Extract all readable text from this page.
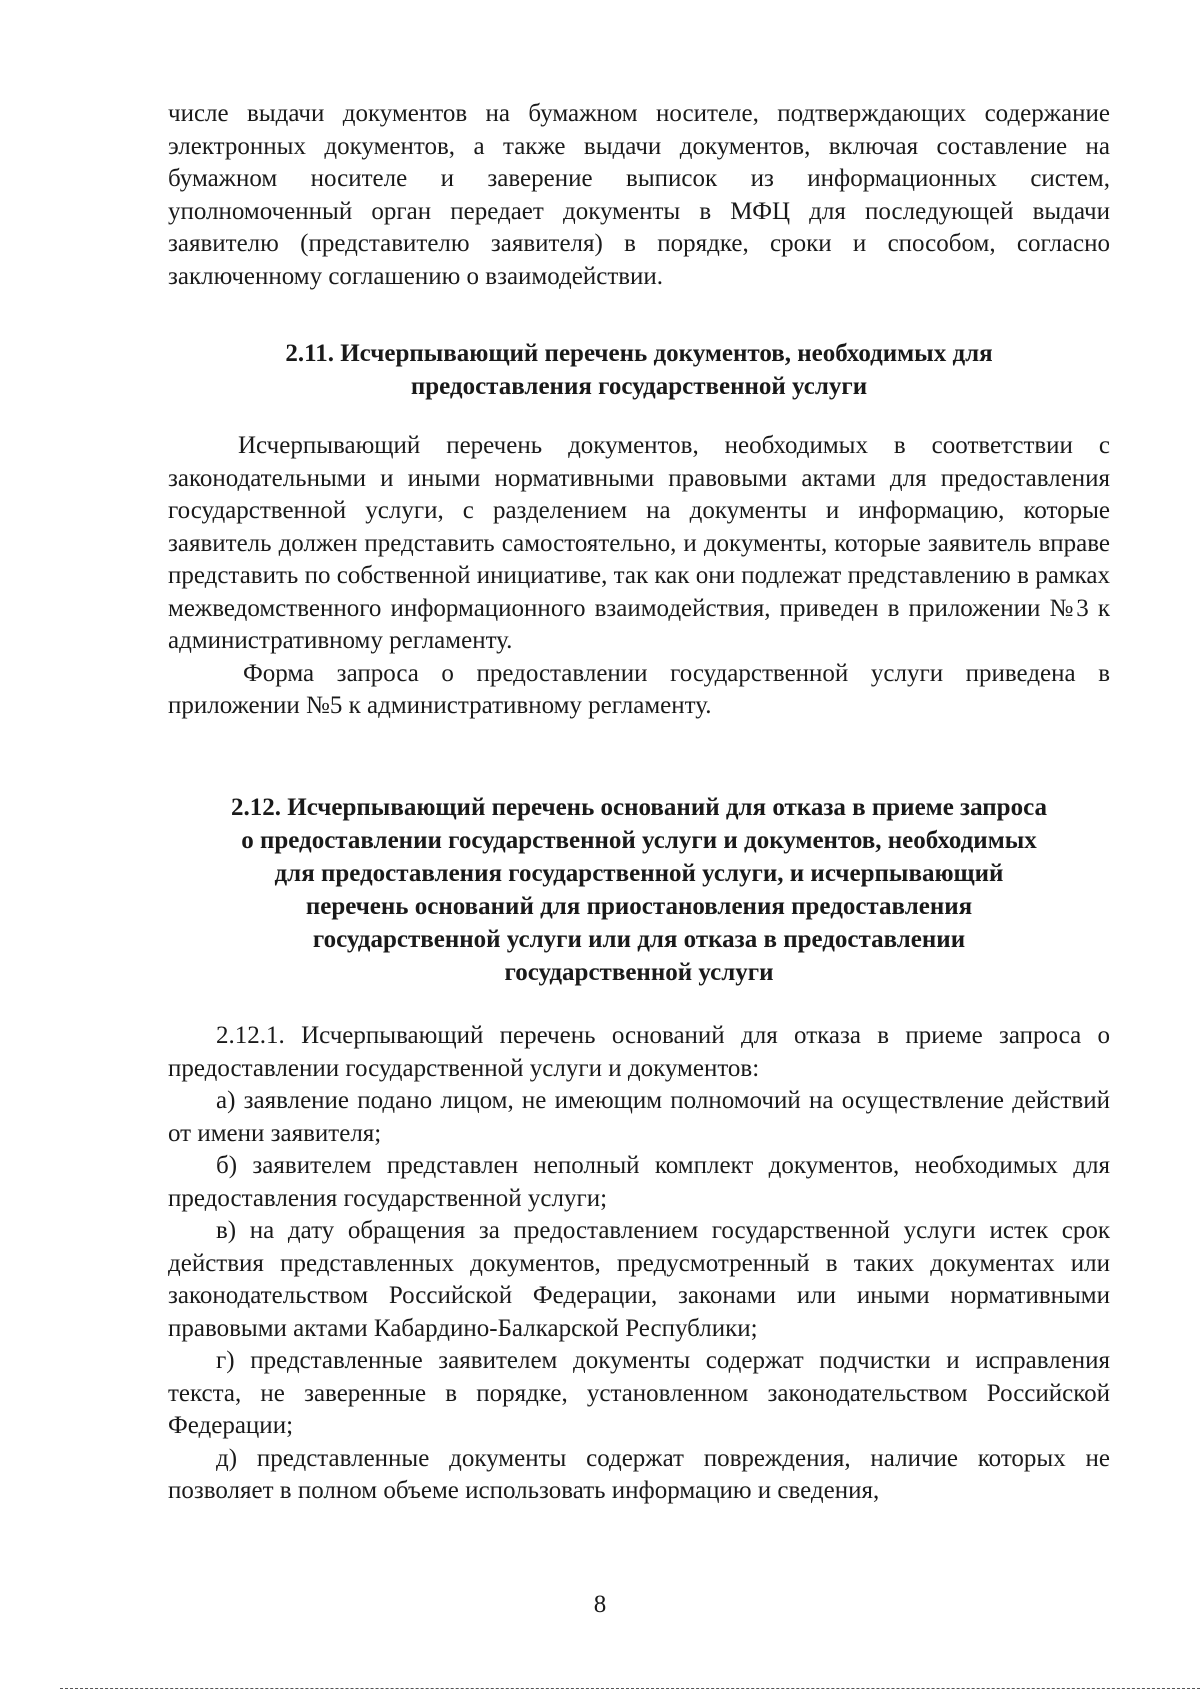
числе выдачи документов на бумажном носителе, подтверждающих содержание электронных документов, а также выдачи документов, включая составление на бумажном носителе и заверение выписок из информационных систем, уполномоченный орган передает документы в МФЦ для последующей выдачи заявителю (представителю заявителя) в порядке, сроки и способом, согласно заключенному соглашению о взаимодействии.

2.11. Исчерпывающий перечень документов, необходимых для

предоставления государственной услуги

Исчерпывающий перечень документов, необходимых в соответствии с законодательными и иными нормативными правовыми актами для предоставления государственной услуги, с разделением на документы и информацию, которые заявитель должен представить самостоятельно, и документы, которые заявитель вправе представить по собственной инициативе, так как они подлежат представлению в рамках межведомственного информационного взаимодействия, приведен в приложении №3 к административному регламенту.

Форма запроса о предоставлении государственной услуги приведена в приложении №5 к административному регламенту.

2.12. Исчерпывающий перечень оснований для отказа в приеме запроса

о предоставлении государственной услуги и документов, необходимых

для предоставления государственной услуги, и исчерпывающий

перечень оснований для приостановления предоставления

государственной услуги или для отказа в предоставлении

государственной услуги

2.12.1. Исчерпывающий перечень оснований для отказа в приеме запроса о предоставлении государственной услуги и документов:

а) заявление подано лицом, не имеющим полномочий на осуществление действий от имени заявителя;

б) заявителем представлен неполный комплект документов, необходимых для предоставления государственной услуги;

в) на дату обращения за предоставлением государственной услуги истек срок действия представленных документов, предусмотренный в таких документах или законодательством Российской Федерации, законами или иными нормативными правовыми актами Кабардино-Балкарской Республики;

г) представленные заявителем документы содержат подчистки и исправления текста, не заверенные в порядке, установленном законодательством Российской Федерации;

д) представленные документы содержат повреждения, наличие которых не позволяет в полном объеме использовать информацию и сведения,

8
